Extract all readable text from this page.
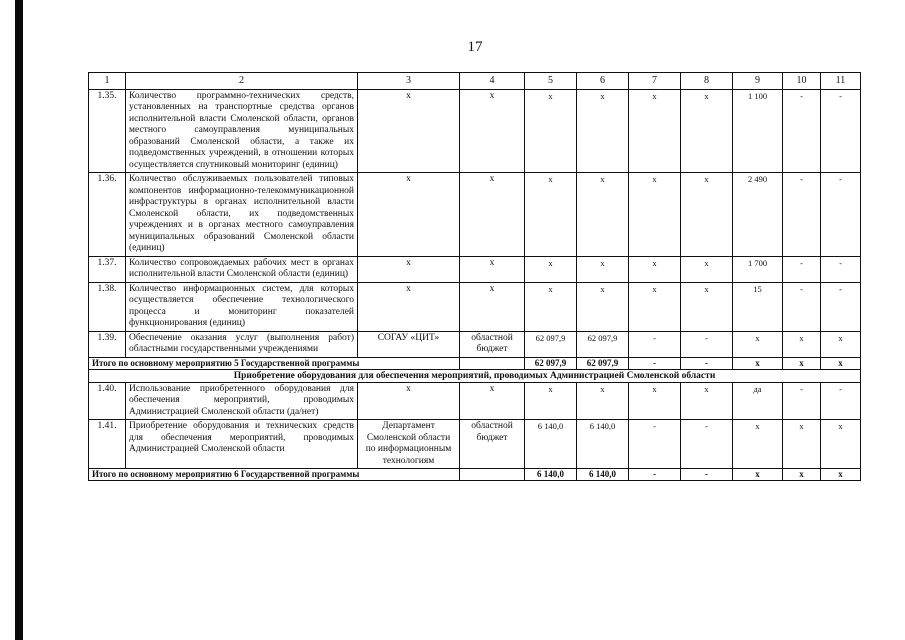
17
1	2	3	4	5	6	7	8	9	10	11
1.35.	Количество программно-технических средств, установленных на транспортные средства органов исполнительной власти Смоленской области, органов местного самоуправления муниципальных образований Смоленской области, а также их подведомственных учреждений, в отношении которых осуществляется спутниковый мониторинг (единиц)	х	х	х	х	х	х	1 100	-	-
1.36.	Количество обслуживаемых пользователей типовых компонентов информационно-телекоммуникационной инфраструктуры в органах исполнительной власти Смоленской области, их подведомственных учреждениях и в органах местного самоуправления муниципальных образований Смоленской области (единиц)	х	х	х	х	х	х	2 490	-	-
1.37.	Количество сопровождаемых рабочих мест в органах исполнительной власти Смоленской области (единиц)	х	х	х	х	х	х	1 700	-	-
1.38.	Количество информационных систем, для которых осуществляется обеспечение технологического процесса и мониторинг показателей функционирования (единиц)	х	х	х	х	х	х	15	-	-
1.39.	Обеспечение оказания услуг (выполнения работ) областными государственными учреждениями	СОГАУ «ЦИТ»	областной бюджет	62 097,9	62 097,9	-	-	х	х	х
Итого по основному мероприятию 5 Государственной программы				62 097,9	62 097,9	-	-	х	х	х
Приобретение оборудования для обеспечения мероприятий, проводимых Администрацией Смоленской области										
1.40.	Использование приобретенного оборудования для обеспечения мероприятий, проводимых Администрацией Смоленской области (да/нет)	х	х	х	х	х	х	да	-	-
1.41.	Приобретение оборудования и технических средств для обеспечения мероприятий, проводимых Администрацией Смоленской области	Департамент Смоленской области по информационным технологиям	областной бюджет	6 140,0	6 140,0	-	-	х	х	х
Итого по основному мероприятию 6 Государственной программы				6 140,0	6 140,0	-	-	х	х	х
